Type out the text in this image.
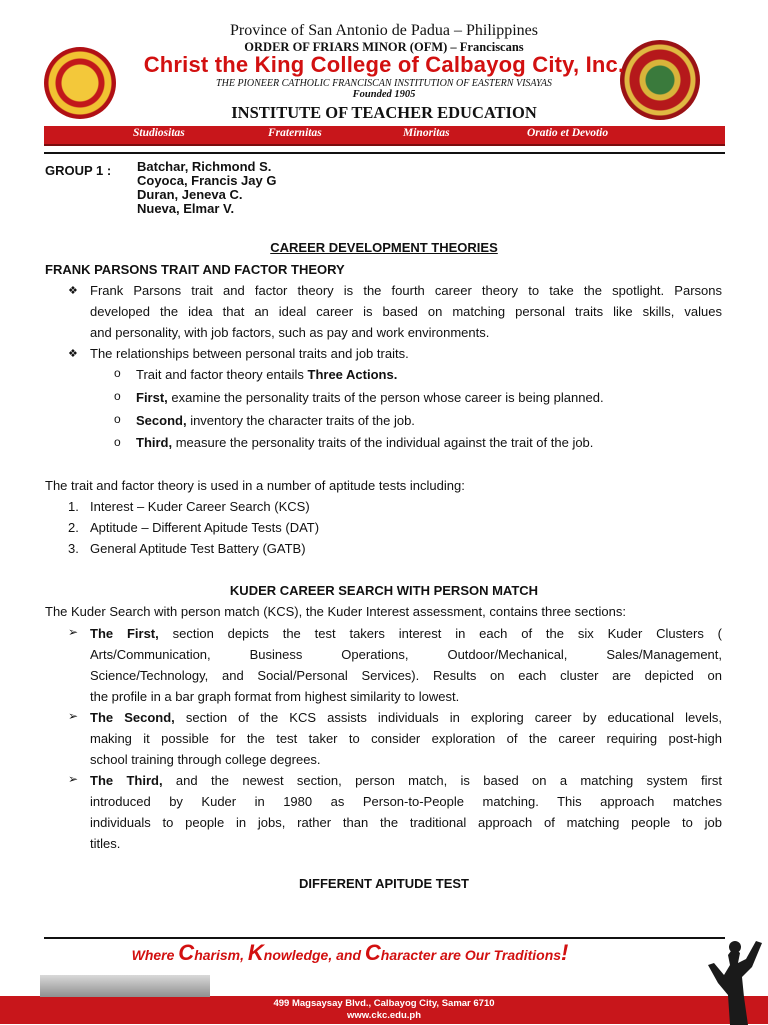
Province of San Antonio de Padua – Philippines
ORDER OF FRIARS MINOR (OFM) – Franciscans
Christ the King College of Calbayog City, Inc.
THE PIONEER CATHOLIC FRANCISCAN INSTITUTION OF EASTERN VISAYAS
Founded 1905
INSTITUTE OF TEACHER EDUCATION
Studiositas	Fraternitas	Minoritas	Oratio et Devotio
GROUP 1 : Batchar, Richmond S.
Coyoca, Francis Jay G
Duran, Jeneva C.
Nueva, Elmar V.
CAREER DEVELOPMENT THEORIES
FRANK PARSONS TRAIT AND FACTOR THEORY
❖ Frank Parsons trait and factor theory is the fourth career theory to take the spotlight. Parsons
developed the idea that an ideal career is based on matching personal traits like skills, values
and personality, with job factors, such as pay and work environments.
❖ The relationships between personal traits and job traits.
o Trait and factor theory entails Three Actions.
o First, examine the personality traits of the person whose career is being planned.
o Second, inventory the character traits of the job.
o Third, measure the personality traits of the individual against the trait of the job.
The trait and factor theory is used in a number of aptitude tests including:
1. Interest – Kuder Career Search (KCS)
2. Aptitude – Different Apitude Tests (DAT)
3. General Aptitude Test Battery (GATB)
KUDER CAREER SEARCH WITH PERSON MATCH
The Kuder Search with person match (KCS), the Kuder Interest assessment, contains three sections:
➢ The First, section depicts the test takers interest in each of the six Kuder Clusters (
Arts/Communication, Business Operations, Outdoor/Mechanical, Sales/Management,
Science/Technology, and Social/Personal Services). Results on each cluster are depicted on
the profile in a bar graph format from highest similarity to lowest.
➢ The Second, section of the KCS assists individuals in exploring career by educational levels,
making it possible for the test taker to consider exploration of the career requiring post-high
school training through college degrees.
➢ The Third, and the newest section, person match, is based on a matching system first
introduced by Kuder in 1980 as Person-to-People matching. This approach matches
individuals to people in jobs, rather than the traditional approach of matching people to job
titles.
DIFFERENT APITUDE TEST
Where Charism, Knowledge, and Character are Our Traditions!
499 Magsaysay Blvd., Calbayog City, Samar 6710
www.ckc.edu.ph
